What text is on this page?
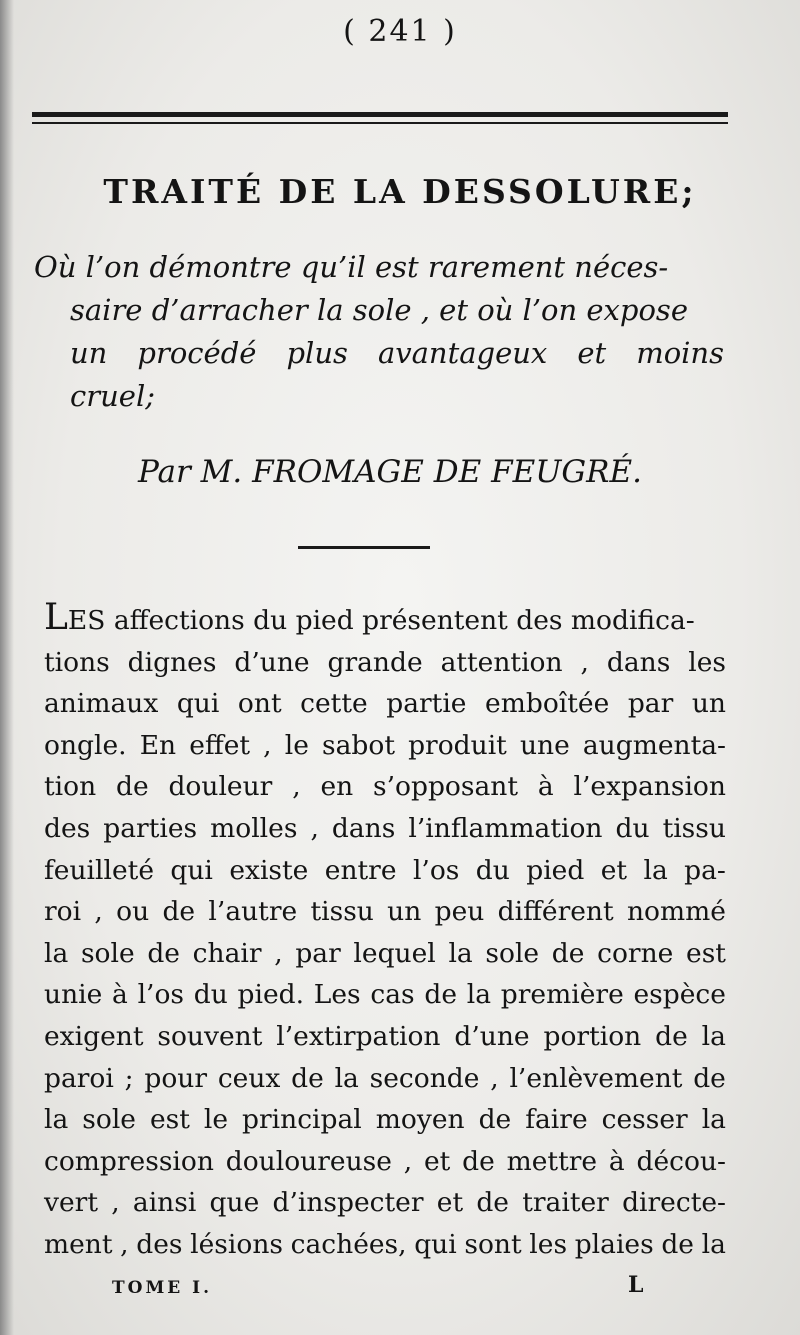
( 241 )
TRAITÉ DE LA DESSOLURE;
Où l’on démontre qu’il est rarement néces-
saire d’arracher la sole , et où l’on expose
un procédé plus avantageux et moins
cruel;
Par M. FROMAGE DE FEUGRÉ.
LES affections du pied présentent des modifica-
tions dignes d’une grande attention , dans les
animaux qui ont cette partie emboîtée par un
ongle. En effet , le sabot produit une augmenta-
tion de douleur , en s’opposant à l’expansion
des parties molles , dans l’inflammation du tissu
feuilleté qui existe entre l’os du pied et la pa-
roi , ou de l’autre tissu un peu différent nommé
la sole de chair , par lequel la sole de corne est
unie à l’os du pied. Les cas de la première espèce
exigent souvent l’extirpation d’une portion de la
paroi ; pour ceux de la seconde , l’enlèvement de
la sole est le principal moyen de faire cesser la
compression douloureuse , et de mettre à décou-
vert , ainsi que d’inspecter et de traiter directe-
ment , des lésions cachées, qui sont les plaies de la
TOME I.	L
